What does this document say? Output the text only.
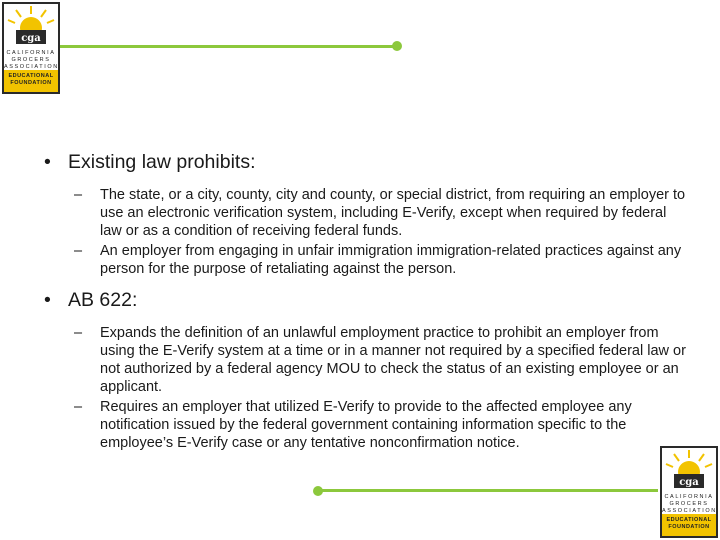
cga
CALIFORNIA
GROCERS
ASSOCIATION
EDUCATIONAL
FOUNDATION
• Existing law prohibits:
– The state, or a city, county, city and county, or special district, from requiring an employer to use an electronic verification system, including E-Verify, except when required by federal law or as a condition of receiving federal funds.
– An employer from engaging in unfair immigration immigration-related practices against any person for the purpose of retaliating against the person.
• AB 622:
– Expands the definition of an unlawful employment practice to prohibit an employer from using the E-Verify system at a time or in a manner not required by a specified federal law or not authorized by a federal agency MOU to check the status of an existing employee or an applicant.
– Requires an employer that utilized E-Verify to provide to the affected employee any notification issued by the federal government containing information specific to the employee’s E-Verify case or any tentative nonconfirmation notice.
cga
CALIFORNIA
GROCERS
ASSOCIATION
EDUCATIONAL
FOUNDATION
